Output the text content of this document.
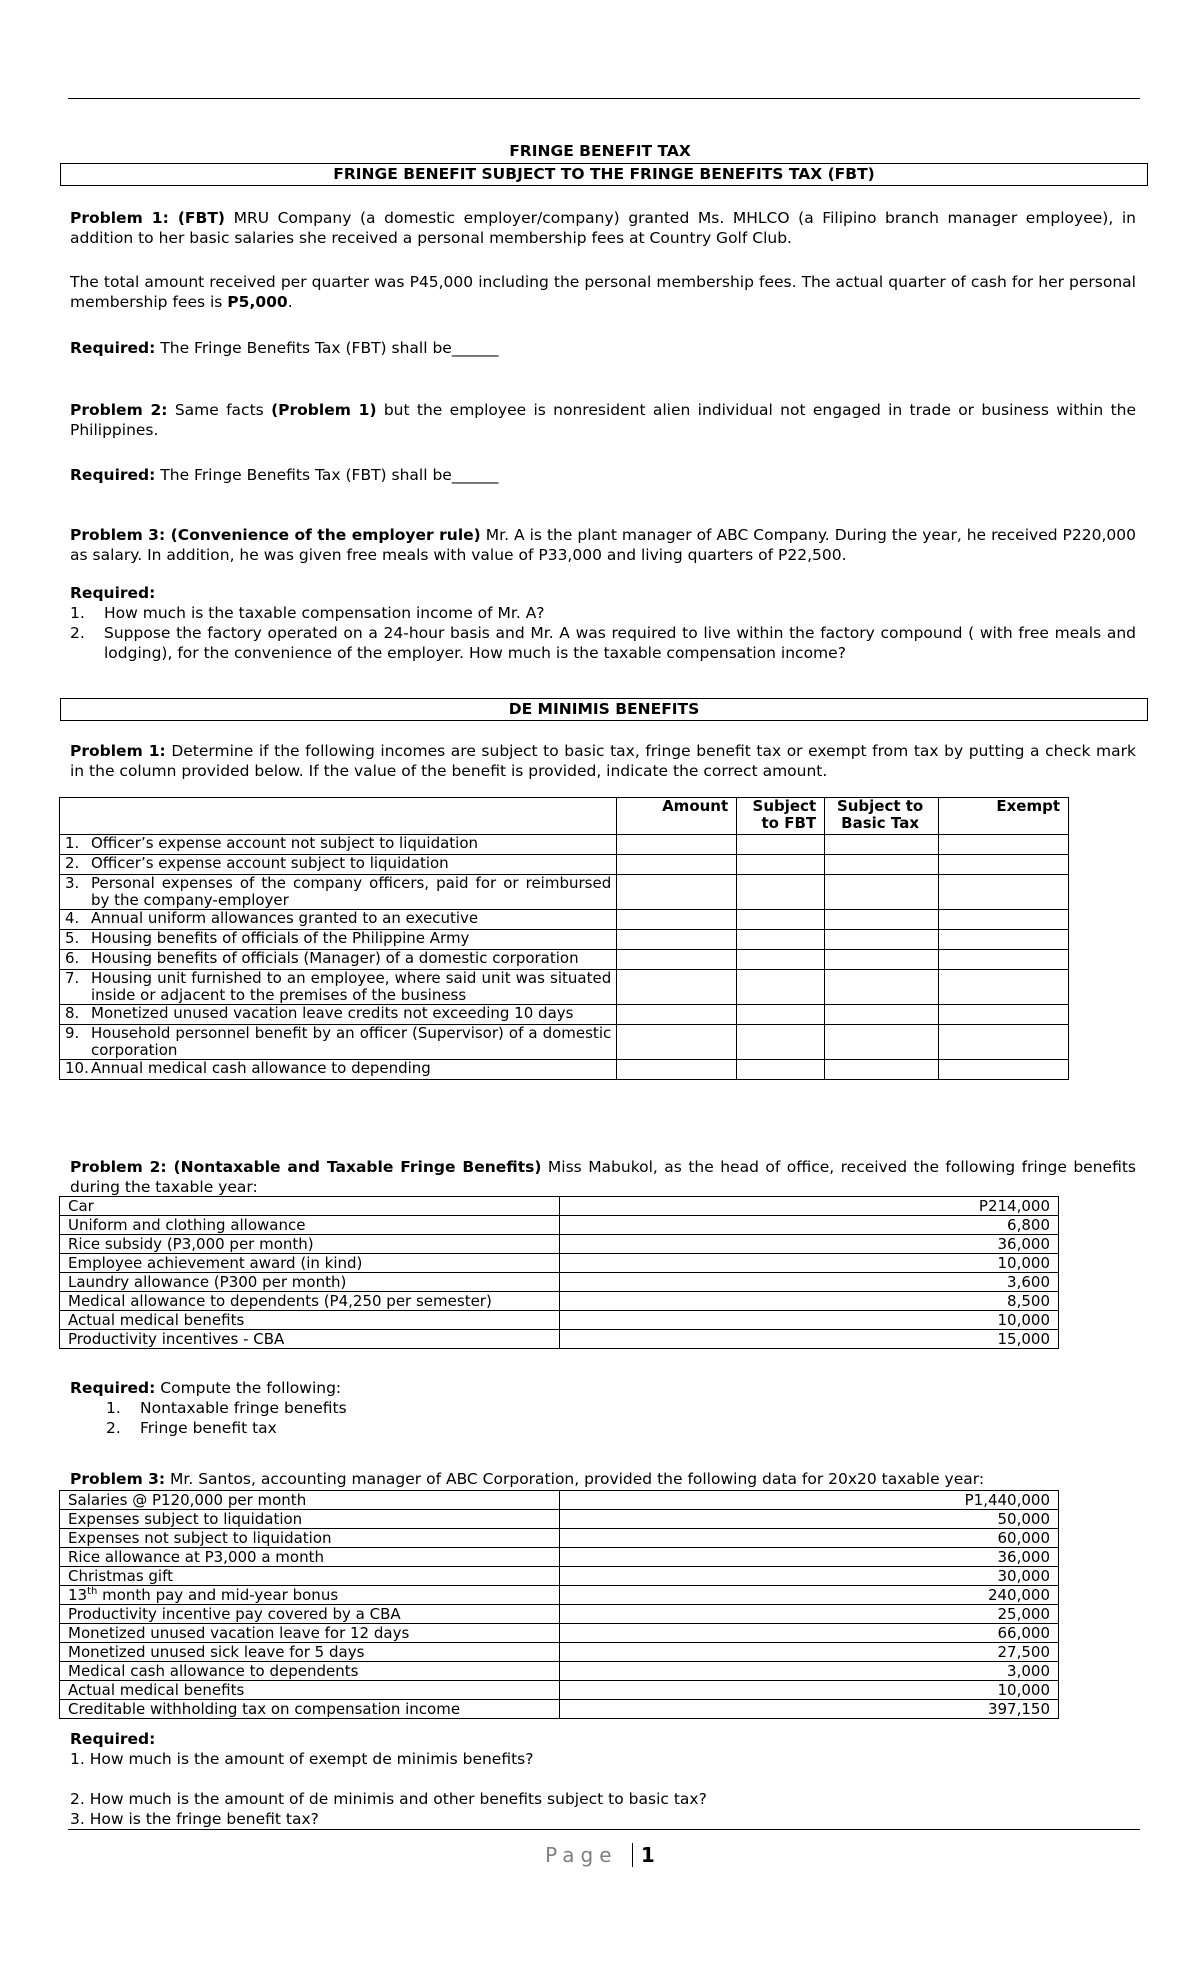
FRINGE BENEFIT TAX
FRINGE BENEFIT SUBJECT TO THE FRINGE BENEFITS TAX (FBT)
Problem 1: (FBT) MRU Company (a domestic employer/company) granted Ms. MHLCO (a Filipino branch manager employee), in addition to her basic salaries she received a personal membership fees at Country Golf Club.
The total amount received per quarter was P45,000 including the personal membership fees. The actual quarter of cash for her personal membership fees is P5,000.
Required: The Fringe Benefits Tax (FBT) shall be______
Problem 2: Same facts (Problem 1) but the employee is nonresident alien individual not engaged in trade or business within the Philippines.
Required: The Fringe Benefits Tax (FBT) shall be______
Problem 3: (Convenience of the employer rule) Mr. A is the plant manager of ABC Company. During the year, he received P220,000 as salary. In addition, he was given free meals with value of P33,000 and living quarters of P22,500.
Required:
1.	How much is the taxable compensation income of Mr. A?
2.	Suppose the factory operated on a 24-hour basis and Mr. A was required to live within the factory compound ( with free meals and lodging), for the convenience of the employer. How much is the taxable compensation income?
DE MINIMIS BENEFITS
Problem 1: Determine if the following incomes are subject to basic tax, fringe benefit tax or exempt from tax by putting a check mark in the column provided below. If the value of the benefit is provided, indicate the correct amount.
	Amount	Subject to FBT	Subject to Basic Tax	Exempt

1. Officer’s expense account not subject to liquidation				

2. Officer’s expense account subject to liquidation				

3. Personal expenses of the company officers, paid for or reimbursed by the company-employer				

4. Annual uniform allowances granted to an executive				

5. Housing benefits of officials of the Philippine Army				

6. Housing benefits of officials (Manager) of a domestic corporation				

7. Housing unit furnished to an employee, where said unit was situated inside or adjacent to the premises of the business				

8. Monetized unused vacation leave credits not exceeding 10 days				

9. Household personnel benefit by an officer (Supervisor) of a domestic corporation				

10. Annual medical cash allowance to depending				

Problem 2: (Nontaxable and Taxable Fringe Benefits) Miss Mabukol, as the head of office, received the following fringe benefits during the taxable year:
Car	P214,000
Uniform and clothing allowance	6,800
Rice subsidy (P3,000 per month)	36,000
Employee achievement award (in kind)	10,000
Laundry allowance (P300 per month)	3,600
Medical allowance to dependents (P4,250 per semester)	8,500
Actual medical benefits	10,000
Productivity incentives - CBA	15,000
Required: Compute the following:
1.	Nontaxable fringe benefits
2.	Fringe benefit tax
Problem 3: Mr. Santos, accounting manager of ABC Corporation, provided the following data for 20x20 taxable year:
Salaries @ P120,000 per month	P1,440,000
Expenses subject to liquidation	50,000
Expenses not subject to liquidation	60,000
Rice allowance at P3,000 a month	36,000
Christmas gift	30,000
13th month pay and mid-year bonus	240,000
Productivity incentive pay covered by a CBA	25,000
Monetized unused vacation leave for 12 days	66,000
Monetized unused sick leave for 5 days	27,500
Medical cash allowance to dependents	3,000
Actual medical benefits	10,000
Creditable withholding tax on compensation income	397,150
Required:
1. How much is the amount of exempt de minimis benefits?
2. How much is the amount of de minimis and other benefits subject to basic tax?
3. How is the fringe benefit tax?
Page 1
